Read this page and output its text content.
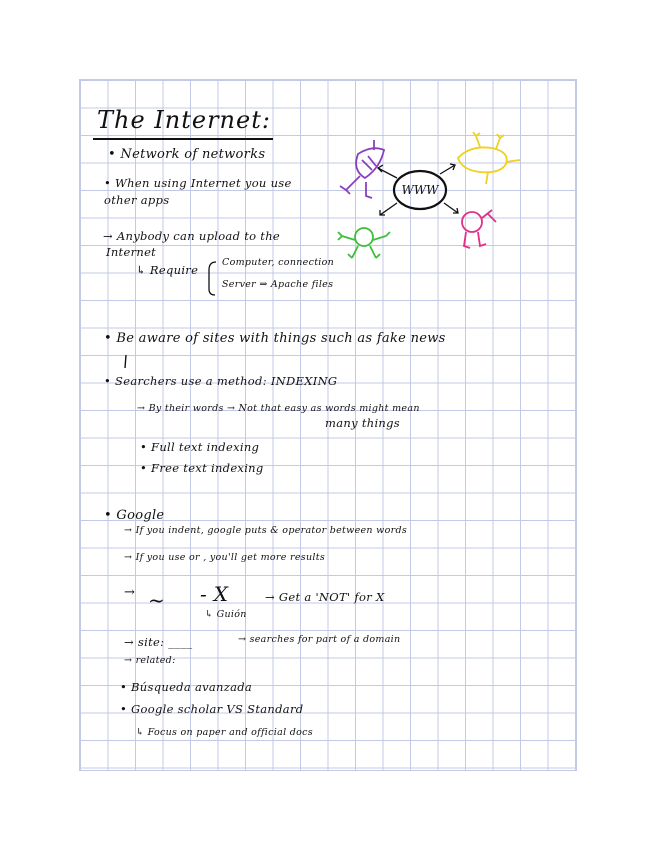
The Internet:
• Network of networks
• When using Internet you use
other apps
→ Anybody can upload to the
Internet
↳ Require
Computer, connection
Server ⇒ Apache files
WWW
• Be aware of sites with things such as fake news
• Searchers use a method: INDEXING
→ By their words → Not that easy as words might mean
many things
• Full text indexing
• Free text indexing
• Google
→ If you indent, google puts & operator between words
→ If you use or , you'll get more results
→ ~ - X
↳ Guión
→ Get a 'NOT' for X
→ site: ____	→ searches for part of a domain
→ related:
• Búsqueda avanzada
• Google scholar VS Standard
↳ Focus on paper and official docs
